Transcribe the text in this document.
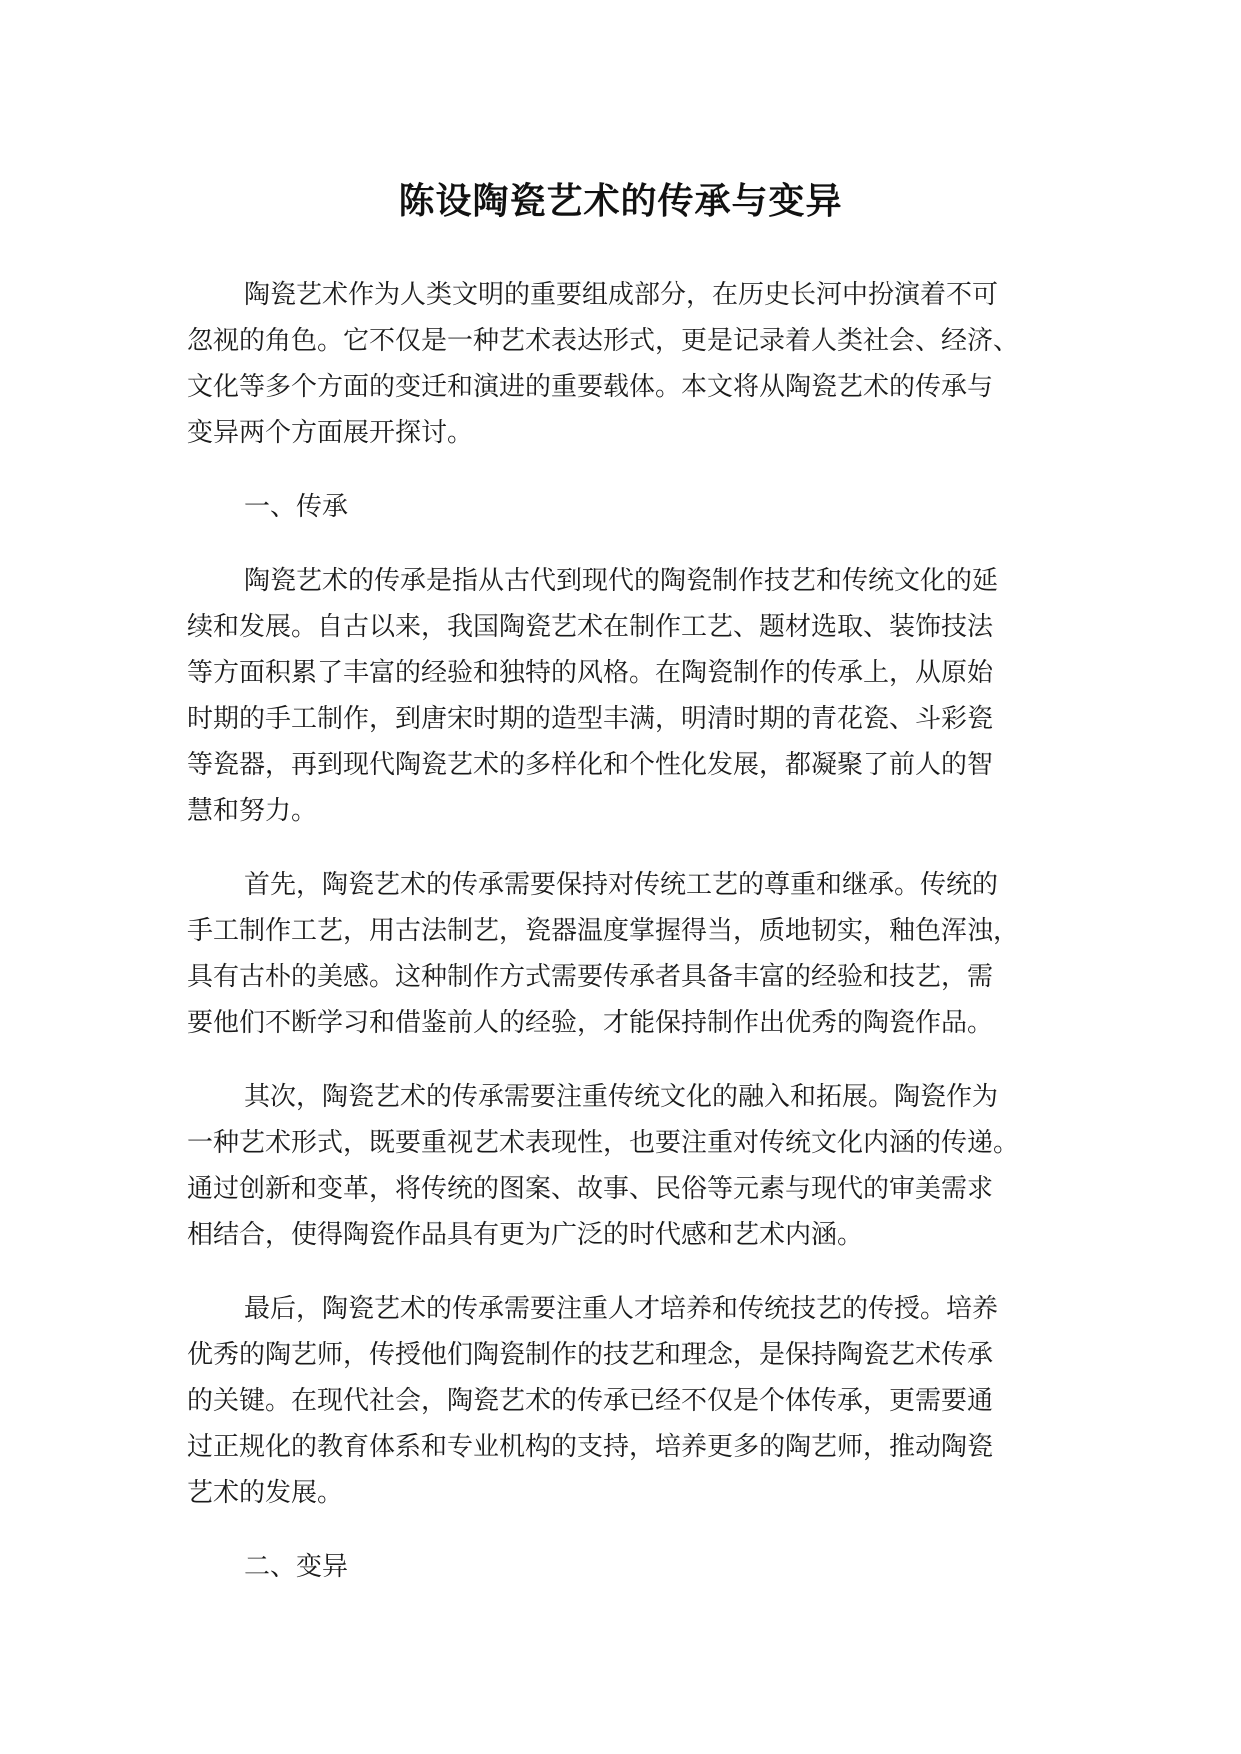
陈设陶瓷艺术的传承与变异

陶瓷艺术作为人类文明的重要组成部分，在历史长河中扮演着不可
忽视的角色。它不仅是一种艺术表达形式，更是记录着人类社会、经济、
文化等多个方面的变迁和演进的重要载体。本文将从陶瓷艺术的传承与
变异两个方面展开探讨。

一、传承

陶瓷艺术的传承是指从古代到现代的陶瓷制作技艺和传统文化的延
续和发展。自古以来，我国陶瓷艺术在制作工艺、题材选取、装饰技法
等方面积累了丰富的经验和独特的风格。在陶瓷制作的传承上，从原始
时期的手工制作，到唐宋时期的造型丰满，明清时期的青花瓷、斗彩瓷
等瓷器，再到现代陶瓷艺术的多样化和个性化发展，都凝聚了前人的智
慧和努力。

首先，陶瓷艺术的传承需要保持对传统工艺的尊重和继承。传统的
手工制作工艺，用古法制艺，瓷器温度掌握得当，质地韧实，釉色浑浊，
具有古朴的美感。这种制作方式需要传承者具备丰富的经验和技艺，需
要他们不断学习和借鉴前人的经验，才能保持制作出优秀的陶瓷作品。

其次，陶瓷艺术的传承需要注重传统文化的融入和拓展。陶瓷作为
一种艺术形式，既要重视艺术表现性，也要注重对传统文化内涵的传递。
通过创新和变革，将传统的图案、故事、民俗等元素与现代的审美需求
相结合，使得陶瓷作品具有更为广泛的时代感和艺术内涵。

最后，陶瓷艺术的传承需要注重人才培养和传统技艺的传授。培养
优秀的陶艺师，传授他们陶瓷制作的技艺和理念，是保持陶瓷艺术传承
的关键。在现代社会，陶瓷艺术的传承已经不仅是个体传承，更需要通
过正规化的教育体系和专业机构的支持，培养更多的陶艺师，推动陶瓷
艺术的发展。

二、变异
